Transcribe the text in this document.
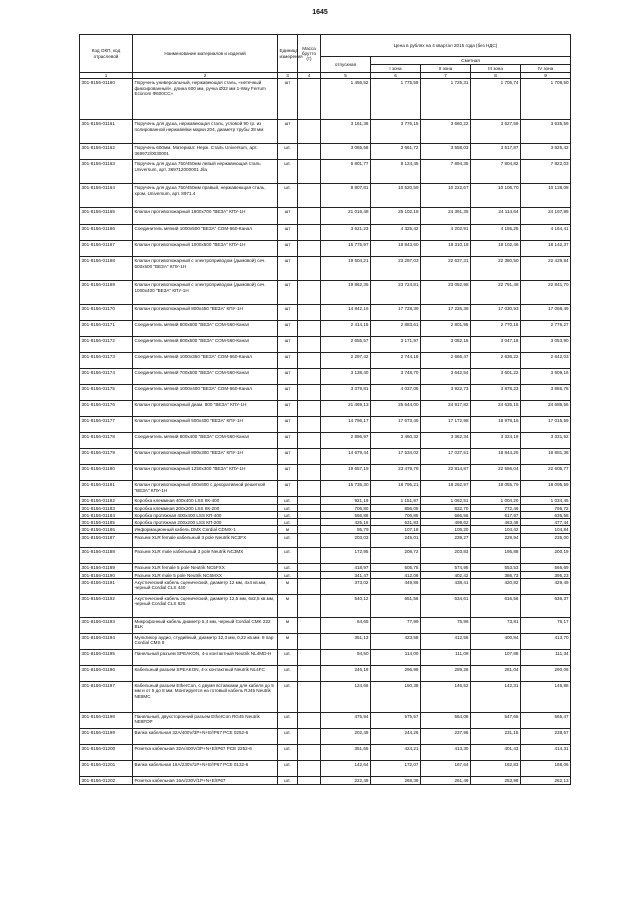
1645
Код ОКП, код отраслевой	Наименование материалов и изделий	Единица измерения	Масса брутто (т)	Цена в рублях на 4 квартал 2015 года (без НДС)				
				отпускная	Сметная			
					I зона	II зона	III зона	IV зона
1	2	3	4	5	6	7	8	9
301-8156-01160	Поручень универсальный, нержавеющая сталь, «нетечный фиксированный», длина 600 мм, ручка Ø32 мм 1-Way Ferrum Econom Ф600СС»	шт		1 456,52	1 775,59	1 725,31	1 705,74	1 709,50
301-8156-01161	Поручень для душа, нержавеющая сталь, угловой 90 гр. из полированной нержавейки марки 204, диаметр трубы 38 мм	шт		3 161,36	3 776,15	3 660,22	3 627,59	3 635,59
301-8156-01162	Поручень 600мм. Материал: Нерж. Сталь Universum, арт. 369972/0030001	шт.		3 065,58	3 661,72	3 558,03	3 517,87	3 525,42
301-8156-01163	Поручень для душа 750/450мм левый нержавеющая сталь Universum, арт. 369712000001 Jila	шт.		6 801,77	8 124,45	7 894,35	7 804,82	7 822,03
301-8156-01164	Поручень для душа 750/450мм правый, нержавеющая сталь, хром, Universum, арт. 8971.4	шт.		8 807,81	10 520,59	10 222,67	10 106,70	10 128,08
301-8156-01165	Клапан противопожарный 1800х700 "ВЕЗА" КПУ-1Н	шт		21 016,48	25 102,18	24 391,35	24 114,64	24 167,89
301-8156-01166	Соединитель мягкий 1000х500 "ВЕЗА" СОМ-560-Канал	шт		3 621,23	4 325,42	4 202,91	4 155,25	4 164,41
301-8156-01167	Клапан противопожарный 1000х500 "ВЕЗА" КПУ-1Н	шт		15 775,97	18 843,60	18 310,18	18 102,46	18 142,37
301-8156-01168	Клапан противопожарный с электроприводом (дымовой) сеч. 600х500 "ВЕЗА" КПУ-1Н	шт		19 504,21	23 297,03	22 637,31	22 380,50	22 429,84
301-8156-01169	Клапан противопожарный с электроприводом (дымовой) сеч. 1000х400 "ВЕЗА" КПУ-1Н	шт		19 862,35	23 724,81	23 052,98	22 791,48	22 841,70
301-8156-01170	Клапан противопожарный 800х450 "ВЕЗА" КПУ-1Н	шт		14 842,16	17 728,39	17 226,38	17 030,93	17 068,49
301-8156-01171	Соединитель мягкий 800х600 "ВЕЗА" СОМ-560-Канал	шт		2 414,15	2 883,61	2 801,95	2 770,16	2 776,27
301-8156-01172	Соединитель мягкий 600х500 "ВЕЗА" СОМ-560-Канал	шт		2 655,57	3 171,97	3 082,15	3 047,18	3 053,90
301-8156-01173	Соединитель мягкий 1000х350 "ВЕЗА" СОМ-560-Канал	шт		2 297,42	2 744,18	2 666,47	2 636,22	2 642,03
301-8156-01174	Соединитель мягкий 700х500 "ВЕЗА" СОМ-560-Канал	шт		3 138,40	3 748,70	3 642,54	3 601,22	3 609,16
301-8156-01175	Соединитель мягкий 1000х400 "ВЕЗА" СОМ-560-Канал	шт		3 379,81	4 037,05	3 922,73	3 878,23	3 886,78
301-8156-01176	Клапан противопожарный диам. 800 "ВЕЗА" КПУ-1Н	шт		21 469,13	25 644,00	24 917,82	24 635,15	24 689,56
301-8156-01177	Клапан противопожарный 500х400 "ВЕЗА" КПУ-1Н	шт		14 796,17	17 673,45	17 172,98	16 978,16	17 015,59
301-8156-01178	Соединитель мягкий 800х400 "ВЕЗА" СОМ-560-Канал	шт		2 896,97	3 460,32	3 362,34	3 324,19	3 331,52
301-8156-01179	Клапан противопожарный 800х300 "ВЕЗА" КПУ-1Н	шт		14 679,44	17 534,02	17 037,51	16 844,25	16 881,38
301-8156-01180	Клапан противопожарный 1250х300 "ВЕЗА" КПУ-1Н	шт		19 657,19	23 479,78	22 814,87	22 556,04	22 605,77
301-8156-01181	Клапан противопожарный 400х600 с декоративной решеткой "ВЕЗА" КПУ-1Н	шт		15 735,30	18 795,21	18 262,97	18 055,79	18 095,59
301-8156-01182	Коробка клеммная 400х400 LSS КК-400	шт.		921,19	1 151,87	1 062,51	1 004,20	1 034,45
301-8156-01183	Коробка клеммная 200х200 LSS КК-200	шт.		706,80	856,05	832,70	772,46	795,72
301-8156-01184	Коробка протяжная 400х400 LSS КП-400	шт.		566,88	706,85	666,56	617,97	636,58
301-8156-01185	Коробка протяжная 200х200 LSS КП-200	шт.		425,16	531,83	499,62	463,48	477,44
301-8156-01186	Информационный кабель DMX Cordial CDMX-1	м		95,79	107,18	105,20	104,42	104,84
301-8156-01187	Разъем XLR female кабельный 3 pole Neutrik NC3FX	шт.		203,03	245,01	239,27	229,94	235,00
301-8156-01188	Разъем XLR male кабельный 3 pole Neutrik NC3MX	шт.		172,95	208,72	203,83	195,88	200,19
301-8156-01189	Разъем XLR female 5 pole Neutrik NC5FXX	шт.		418,97	505,75	574,95	553,53	566,69
301-8156-01190	Разъем XLR male 5 pole Neutrik NC5MXX	шт.		341,47	412,06	402,42	386,73	395,23
301-8156-01191	Акустический кабель сценический, диаметр 12 мм, 4х4 кв.мм, черный Cordial CLS 440	м		373,02	449,86	438,41	420,82	429,49
301-8156-01192	Акустический кабель сценический, диаметр 12,5 мм, 6х2,5 кв.мм, черный Cordial CLS 625	м		540,12	651,56	634,61	616,56	636,37
301-8156-01193	Микрофонный кабель диаметр 5,4 мм, черный Cordial CMK 222 BLK	м		64,65	77,99	75,96	73,81	76,17
301-8156-01194	Мультикор аудио, студийный, диаметр 12,3 мм, 0,22 кв.мм. 8 пар Cordial CMS 8	м		351,13	423,58	412,56	400,84	413,70
301-8156-01195	Панельный разъем SPEAKON, 4-х контактный Neutrik NL4MD-H	шт.		94,50	114,00	111,08	107,88	111,34
301-8156-01196	Кабельный разъем SPEAKON, 4-х контактный Neutrik NL4FC	шт.		246,19	296,99	289,26	281,04	290,06
301-8156-01197	Кабельный разъем EtherCon, с двумя вставками для кабеля до 5 мм и от 5 до 8 мм. Монтируется на готовый кабель RJ45 Neutrik NE8MC	шт.		124,66	150,38	146,52	142,31	146,88
301-8156-01198	Панельный, двухсторонний разъем EtherCon RG45 Neutrik NE8FDP	шт.		475,94	575,57	564,08	547,65	565,47
301-8156-01199	Вилка кабельная 32А/400V/3P+N+E/IP67 PCE 0252-6	шт.		202,49	244,26	237,96	231,15	238,57
301-8156-01200	Розетка кабельная 32А/400V/3P+N+E/IP67 PCE 2252-6	шт.		351,65	424,21	413,30	401,43	414,31
301-8156-01201	Вилка кабельная 16А/230V/1P+N+E/IP67 PCE 0132-6	шт.		142,64	172,07	167,64	162,83	168,06
301-8156-01202	Розетка кабельная 16А/230V/1P+N+E/IP67	шт.		222,49	268,39	261,49	253,98	262,13
